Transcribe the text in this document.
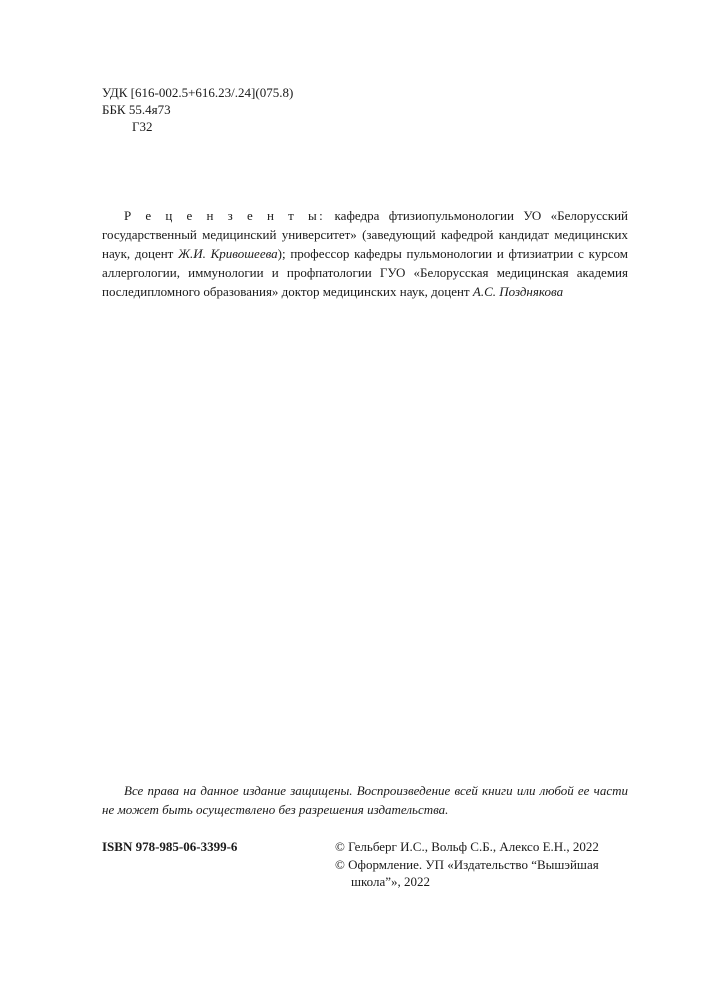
УДК [616-002.5+616.23/.24](075.8)
ББК 55.4я73
Г32

Р е ц е н з е н т ы: кафедра фтизиопульмонологии УО «Белорусский государственный медицинский университет» (заведующий кафедрой кандидат медицинских наук, доцент Ж.И. Кривошеева); профессор кафедры пульмонологии и фтизиатрии с курсом аллергологии, иммунологии и профпатологии ГУО «Белорусская медицинская академия последипломного образования» доктор медицинских наук, доцент А.С. Позднякова

Все права на данное издание защищены. Воспроизведение всей книги или любой ее части не может быть осуществлено без разрешения издательства.

ISBN 978-985-06-3399-6	© Гельберг И.С., Вольф С.Б., Алексо Е.Н., 2022
© Оформление. УП «Издательство “Вышэйшая школа”», 2022
